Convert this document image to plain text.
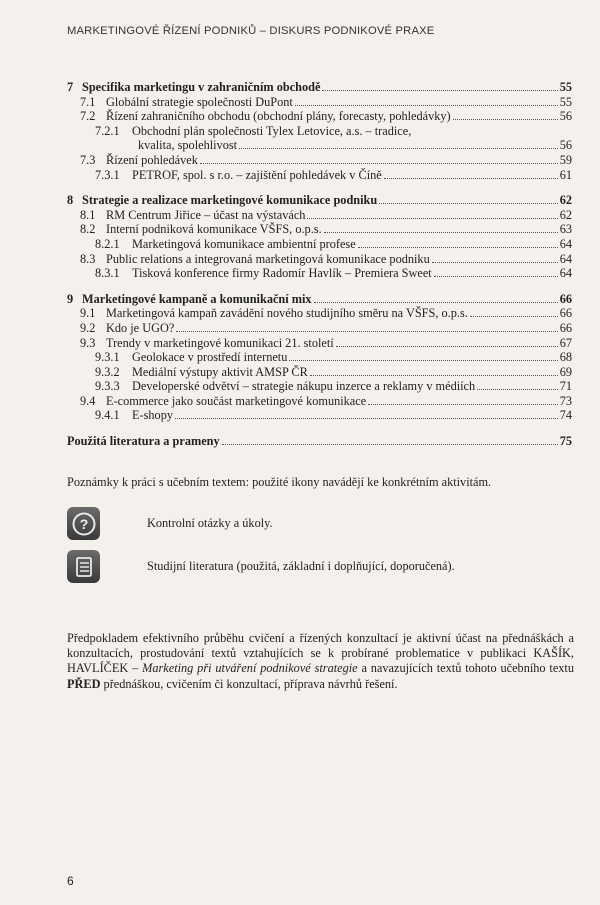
MARKETINGOVÉ ŘÍZENÍ PODNIKŮ – DISKURS PODNIKOVÉ PRAXE
7 Specifika marketingu v zahraničním obchodě	55
7.1 Globální strategie společnosti DuPont	55
7.2 Řízení zahraničního obchodu (obchodní plány, forecasty, pohledávky)	56
7.2.1	Obchodní plán společnosti Tylex Letovice, a.s. – tradice,
kvalita, spolehlivost	56
7.3 Řízení pohledávek	59
7.3.1	PETROF, spol. s r.o. – zajištění pohledávek v Číně	61
8 Strategie a realizace marketingové komunikace podniku	62
8.1 RM Centrum Jiřice – účast na výstavách	62
8.2 Interní podniková komunikace VŠFS, o.p.s.	63
8.2.1	Marketingová komunikace ambientní profese	64
8.3 Public relations a integrovaná marketingová komunikace podniku	64
8.3.1	Tisková konference firmy Radomír Havlík – Premiera Sweet	64
9 Marketingové kampaně a komunikační mix	66
9.1 Marketingová kampaň zavádění nového studijního směru na VŠFS, o.p.s.	66
9.2 Kdo je UGO?	66
9.3 Trendy v marketingové komunikaci 21. století	67
9.3.1	Geolokace v prostředí internetu	68
9.3.2	Mediální výstupy aktivit AMSP ČR	69
9.3.3	Developerské odvětví – strategie nákupu inzerce a reklamy v médiích	71
9.4 E-commerce jako součást marketingové komunikace	73
9.4.1	E-shopy	74
Použitá literatura a prameny	75
Poznámky k práci s učebním textem: použité ikony navádějí ke konkrétním aktivitám.
?	Kontrolní otázky a úkoly.
Studijní literatura (použitá, základní i doplňující, doporučená).
Předpokladem efektivního průběhu cvičení a řízených konzultací je aktivní účast na přednáškách a konzultacích, prostudování textů vztahujících se k probírané problematice v publikaci KAŠÍK, HAVLÍČEK – Marketing při utváření podnikové strategie a navazujících textů tohoto učebního textu PŘED přednáškou, cvičením či konzultací, příprava návrhů řešení.
6
